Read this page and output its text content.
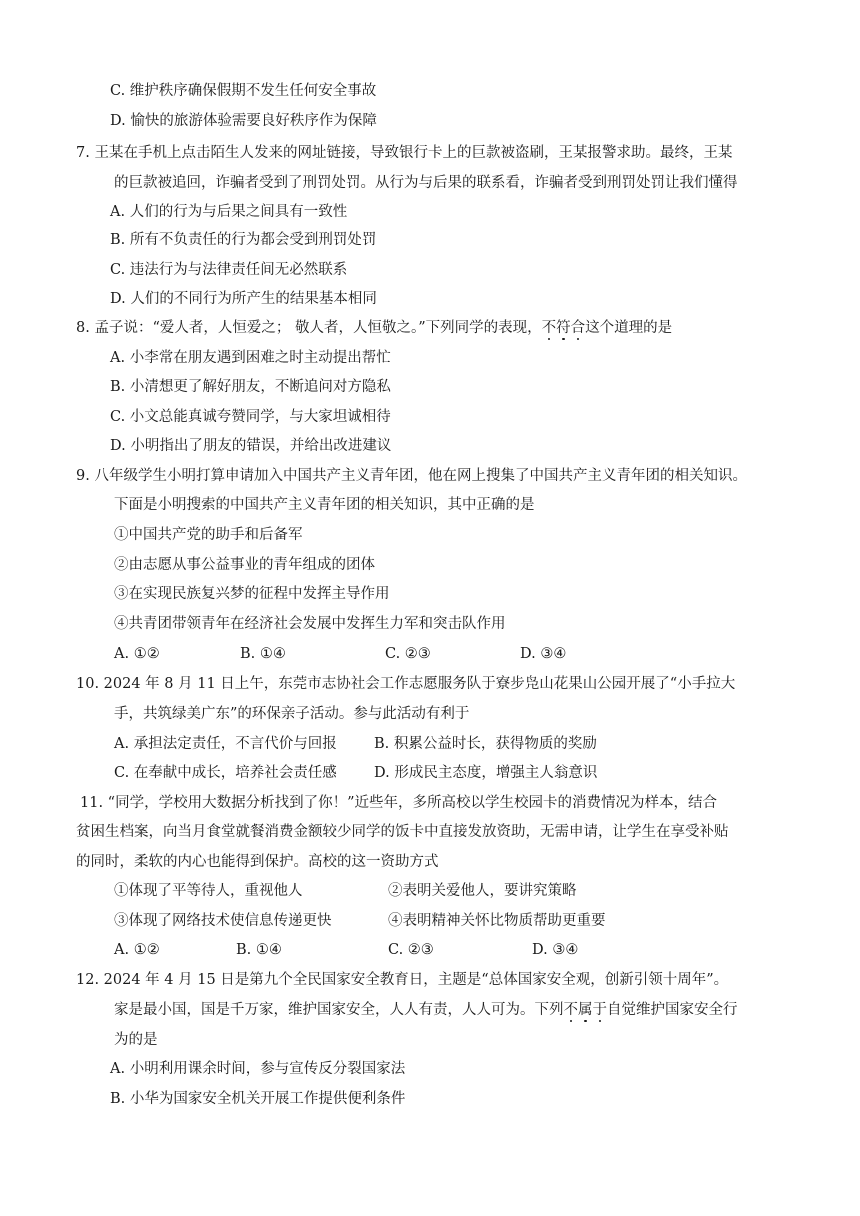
C. 维护秩序确保假期不发生任何安全事故
D. 愉快的旅游体验需要良好秩序作为保障
7. 王某在手机上点击陌生人发来的网址链接，导致银行卡上的巨款被盗刷，王某报警求助。最终，王某
的巨款被追回，诈骗者受到了刑罚处罚。从行为与后果的联系看，诈骗者受到刑罚处罚让我们懂得
A. 人们的行为与后果之间具有一致性
B. 所有不负责任的行为都会受到刑罚处罚
C. 违法行为与法律责任间无必然联系
D. 人们的不同行为所产生的结果基本相同
8. 孟子说：“爱人者，人恒爱之； 敬人者，人恒敬之。”下列同学的表现，不符合这个道理的是
A. 小李常在朋友遇到困难之时主动提出帮忙
B. 小清想更了解好朋友，不断追问对方隐私
C. 小文总能真诚夸赞同学，与大家坦诚相待
D. 小明指出了朋友的错误，并给出改进建议
9. 八年级学生小明打算申请加入中国共产主义青年团，他在网上搜集了中国共产主义青年团的相关知识。
下面是小明搜索的中国共产主义青年团的相关知识，其中正确的是
①中国共产党的助手和后备军
②由志愿从事公益事业的青年组成的团体
③在实现民族复兴梦的征程中发挥主导作用
④共青团带领青年在经济社会发展中发挥生力军和突击队作用
A. ①②	B. ①④	C. ②③	D. ③④
10. 2024 年 8 月 11 日上午，东莞市志协社会工作志愿服务队于寮步凫山花果山公园开展了“小手拉大
手，共筑绿美广东”的环保亲子活动。参与此活动有利于
A. 承担法定责任，不言代价与回报	B. 积累公益时长，获得物质的奖励
C. 在奉献中成长，培养社会责任感	D. 形成民主态度，增强主人翁意识
11. “同学，学校用大数据分析找到了你！”近些年，多所高校以学生校园卡的消费情况为样本，结合
贫困生档案，向当月食堂就餐消费金额较少同学的饭卡中直接发放资助，无需申请，让学生在享受补贴
的同时，柔软的内心也能得到保护。高校的这一资助方式
①体现了平等待人，重视他人	②表明关爱他人，要讲究策略
③体现了网络技术使信息传递更快	④表明精神关怀比物质帮助更重要
A. ①②	B. ①④	C. ②③	D. ③④
12. 2024 年 4 月 15 日是第九个全民国家安全教育日，主题是“总体国家安全观，创新引领十周年”。
家是最小国，国是千万家，维护国家安全，人人有责，人人可为。下列不属于自觉维护国家安全行
为的是
A. 小明利用课余时间，参与宣传反分裂国家法
B. 小华为国家安全机关开展工作提供便利条件
